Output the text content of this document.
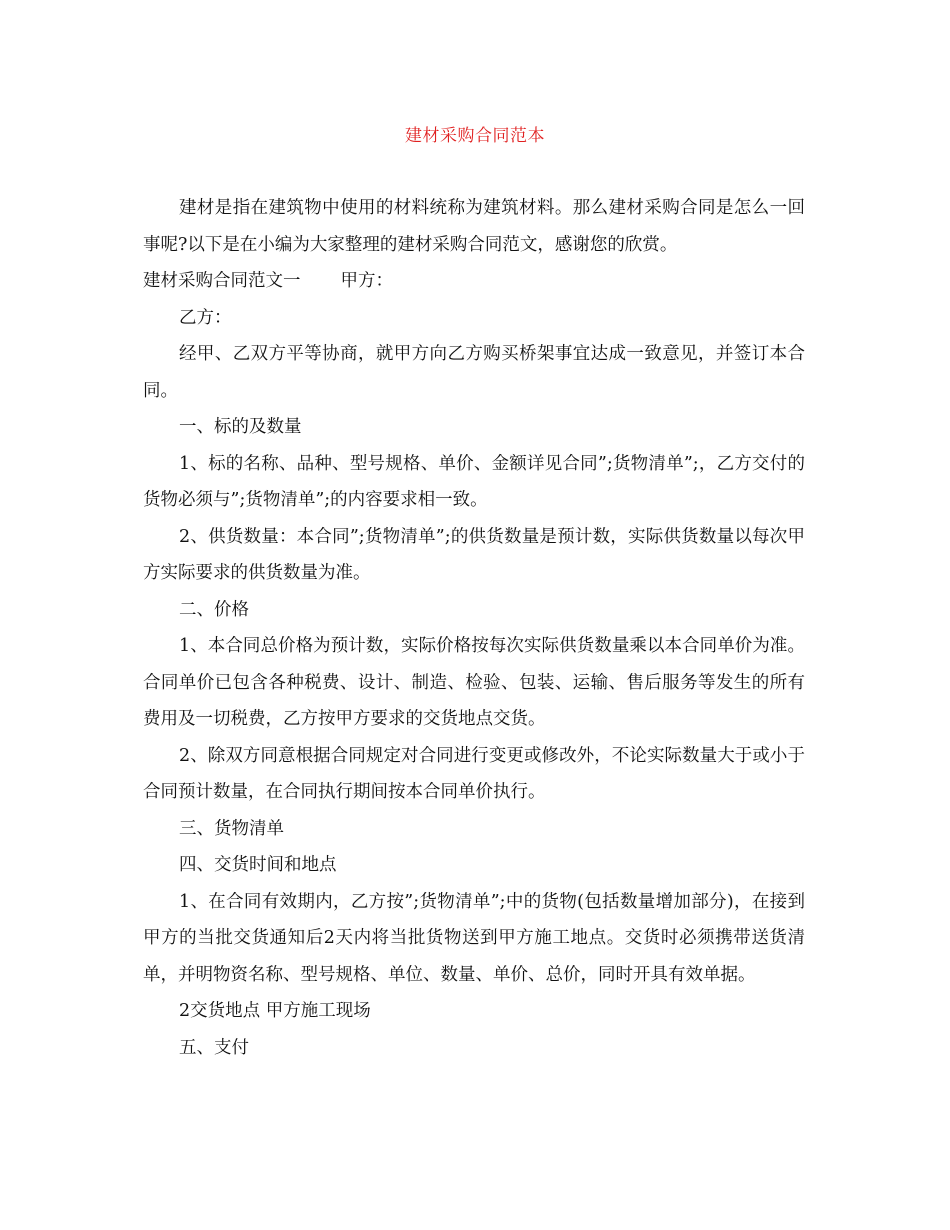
建材采购合同范本

建材是指在建筑物中使用的材料统称为建筑材料。那么建材采购合同是怎么一回事呢?以下是在小编为大家整理的建材采购合同范文，感谢您的欣赏。

建材采购合同范文一 甲方：

乙方：

经甲、乙双方平等协商，就甲方向乙方购买桥架事宜达成一致意见，并签订本合同。

一、标的及数量

1、标的名称、品种、型号规格、单价、金额详见合同”;货物清单”;，乙方交付的货物必须与”;货物清单”;的内容要求相一致。

2、供货数量：本合同”;货物清单”;的供货数量是预计数，实际供货数量以每次甲方实际要求的供货数量为准。

二、价格

1、本合同总价格为预计数，实际价格按每次实际供货数量乘以本合同单价为准。合同单价已包含各种税费、设计、制造、检验、包装、运输、售后服务等发生的所有费用及一切税费，乙方按甲方要求的交货地点交货。

2、除双方同意根据合同规定对合同进行变更或修改外，不论实际数量大于或小于合同预计数量，在合同执行期间按本合同单价执行。

三、货物清单

四、交货时间和地点

1、在合同有效期内，乙方按”;货物清单”;中的货物(包括数量增加部分)，在接到甲方的当批交货通知后2天内将当批货物送到甲方施工地点。交货时必须携带送货清单，并明物资名称、型号规格、单位、数量、单价、总价，同时开具有效单据。

2交货地点 甲方施工现场

五、支付
